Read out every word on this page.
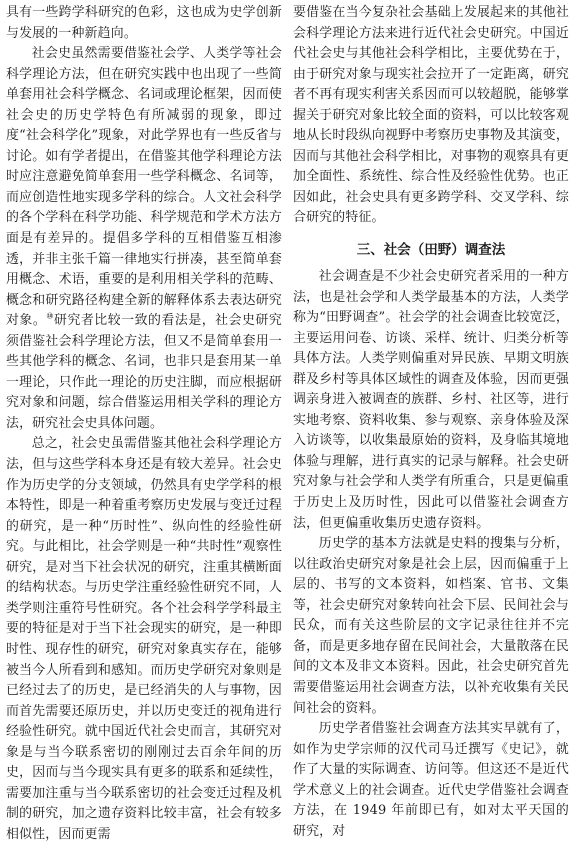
具有一些跨学科研究的色彩，这也成为史学创新与发展的一种新趋向。

社会史虽然需要借鉴社会学、人类学等社会科学理论方法，但在研究实践中也出现了一些简单套用社会科学概念、名词或理论框架，因而使社会史的历史学特色有所减弱的现象，即过度“社会科学化”现象，对此学界也有一些反省与讨论。如有学者提出，在借鉴其他学科理论方法时应注意避免简单套用一些学科概念、名词等，而应创造性地实现多学科的综合。人文社会科学的各个学科在科学功能、科学规范和学术方法方面是有差异的。提倡多学科的互相借鉴互相渗透，并非主张千篇一律地实行拼凑，甚至简单套用概念、术语，重要的是利用相关学科的范畴、概念和研究路径构建全新的解释体系去表达研究对象。⑩研究者比较一致的看法是，社会史研究须借鉴社会科学理论方法，但又不是简单套用一些其他学科的概念、名词，也非只是套用某一单一理论，只作此一理论的历史注脚，而应根据研究对象和问题，综合借鉴运用相关学科的理论方法，研究社会史具体问题。

总之，社会史虽需借鉴其他社会科学理论方法，但与这些学科本身还是有较大差异。社会史作为历史学的分支领域，仍然具有史学学科的根本特性，即是一种着重考察历史发展与变迁过程的研究，是一种“历时性”、纵向性的经验性研究。与此相比，社会学则是一种“共时性”观察性研究，是对当下社会状况的研究，注重其横断面的结构状态。与历史学注重经验性研究不同，人类学则注重符号性研究。各个社会科学学科最主要的特征是对于当下社会现实的研究，是一种即时性、现存性的研究，研究对象真实存在，能够被当今人所看到和感知。而历史学研究对象则是已经过去了的历史，是已经消失的人与事物，因而首先需要还原历史，并以历史变迁的视角进行经验性研究。就中国近代社会史而言，其研究对象是与当今联系密切的刚刚过去百余年间的历史，因而与当今现实具有更多的联系和延续性，需要加注重与当今联系密切的社会变迁过程及机制的研究，加之遗存资料比较丰富，社会有较多相似性，因而更需

要借鉴在当今复杂社会基础上发展起来的其他社会科学理论方法来进行近代社会史研究。中国近代社会史与其他社会科学相比，主要优势在于，由于研究对象与现实社会拉开了一定距离，研究者不再有现实利害关系因而可以较超脱，能够掌握关于研究对象比较全面的资料，可以比较客观地从长时段纵向视野中考察历史事物及其演变，因而与其他社会科学相比，对事物的观察具有更加全面性、系统性、综合性及经验性优势。也正因如此，社会史具有更多跨学科、交叉学科、综合研究的特征。

三、社会（田野）调查法

社会调查是不少社会史研究者采用的一种方法，也是社会学和人类学最基本的方法，人类学称为“田野调查”。社会学的社会调查比较宽泛，主要运用问卷、访谈、采样、统计、归类分析等具体方法。人类学则偏重对异民族、早期文明族群及乡村等具体区域性的调查及体验，因而更强调亲身进入被调查的族群、乡村、社区等，进行实地考察、资料收集、参与观察、亲身体验及深入访谈等，以收集最原始的资料，及身临其境地体验与理解，进行真实的记录与解释。社会史研究对象与社会学和人类学有所重合，只是更偏重于历史上及历时性，因此可以借鉴社会调查方法，但更偏重收集历史遗存资料。

历史学的基本方法就是史料的搜集与分析，以往政治史研究对象是社会上层，因而偏重于上层的、书写的文本资料，如档案、官书、文集等，社会史研究对象转向社会下层、民间社会与民众，而有关这些阶层的文字记录往往并不完备，而是更多地存留在民间社会，大量散落在民间的文本及非文本资料。因此，社会史研究首先需要借鉴运用社会调查方法，以补充收集有关民间社会的资料。

历史学者借鉴社会调查方法其实早就有了，如作为史学宗师的汉代司马迁撰写《史记》，就作了大量的实际调查、访问等。但这还不是近代学术意义上的社会调查。近代史学借鉴社会调查方法，在 1949 年前即已有，如对太平天国的研究，对
